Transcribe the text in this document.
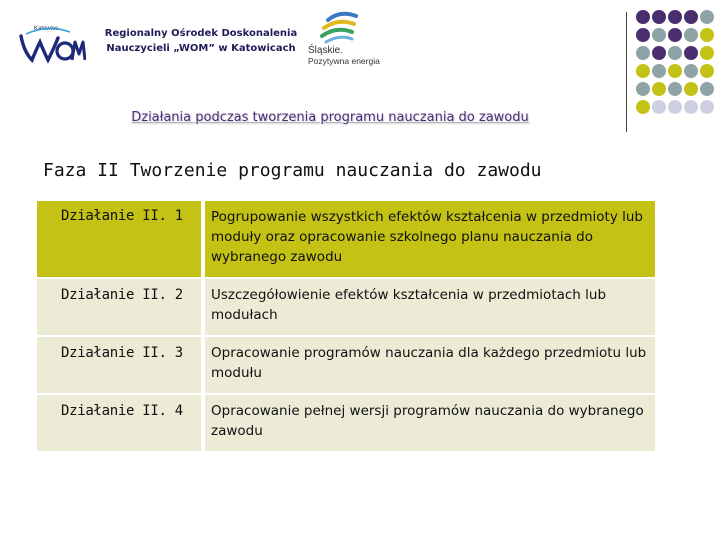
Katowice	Regionalny Ośrodek Doskonalenia
Nauczycieli „WOM” w Katowicach	Śląskie.
Pozytywna energia
Działania podczas tworzenia programu nauczania do zawodu
Faza II Tworzenie programu nauczania do zawodu
Działanie II. 1	Pogrupowanie wszystkich efektów kształcenia w przedmioty lub moduły oraz opracowanie szkolnego planu nauczania do wybranego zawodu
Działanie II. 2	Uszczegółowienie efektów kształcenia w przedmiotach lub modułach
Działanie II. 3	Opracowanie programów nauczania dla każdego przedmiotu lub modułu
Działanie II. 4	Opracowanie pełnej wersji programów nauczania do wybranego zawodu
